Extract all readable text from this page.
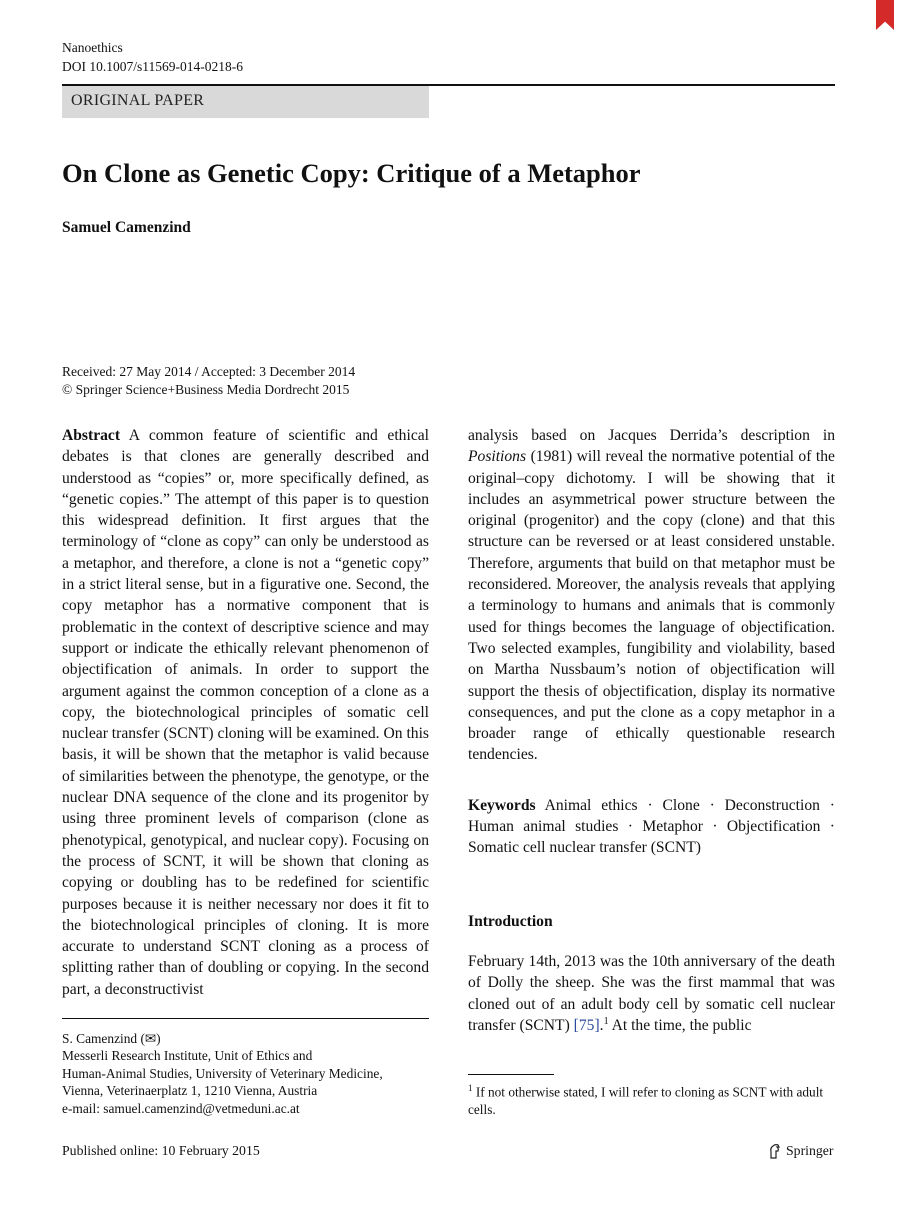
Nanoethics
DOI 10.1007/s11569-014-0218-6
ORIGINAL PAPER
On Clone as Genetic Copy: Critique of a Metaphor
Samuel Camenzind
Received: 27 May 2014 / Accepted: 3 December 2014
© Springer Science+Business Media Dordrecht 2015

Abstract A common feature of scientific and ethical debates is that clones are generally described and understood as “copies” or, more specifically defined, as “genetic copies.” The attempt of this paper is to question this widespread definition. It first argues that the terminology of “clone as copy” can only be understood as a metaphor, and therefore, a clone is not a “genetic copy” in a strict literal sense, but in a figurative one. Second, the copy metaphor has a normative component that is problematic in the context of descriptive science and may support or indicate the ethically relevant phenomenon of objectification of animals. In order to support the argument against the common conception of a clone as a copy, the biotechnological principles of somatic cell nuclear transfer (SCNT) cloning will be examined. On this basis, it will be shown that the metaphor is valid because of similarities between the phenotype, the genotype, or the nuclear DNA sequence of the clone and its progenitor by using three prominent levels of comparison (clone as phenotypical, genotypical, and nuclear copy). Focusing on the process of SCNT, it will be shown that cloning as copying or doubling has to be redefined for scientific purposes because it is neither necessary nor does it fit to the biotechnological principles of cloning. It is more accurate to understand SCNT cloning as a process of splitting rather than of doubling or copying. In the second part, a deconstructivist

S. Camenzind (✉)
Messerli Research Institute, Unit of Ethics and
Human-Animal Studies, University of Veterinary Medicine,
Vienna, Veterinaerplatz 1, 1210 Vienna, Austria
e-mail: samuel.camenzind@vetmeduni.ac.at

analysis based on Jacques Derrida’s description in Positions (1981) will reveal the normative potential of the original–copy dichotomy. I will be showing that it includes an asymmetrical power structure between the original (progenitor) and the copy (clone) and that this structure can be reversed or at least considered unstable. Therefore, arguments that build on that metaphor must be reconsidered. Moreover, the analysis reveals that applying a terminology to humans and animals that is commonly used for things becomes the language of objectification. Two selected examples, fungibility and violability, based on Martha Nussbaum’s notion of objectification will support the thesis of objectification, display its normative consequences, and put the clone as a copy metaphor in a broader range of ethically questionable research tendencies.

Keywords Animal ethics · Clone · Deconstruction · Human animal studies · Metaphor · Objectification · Somatic cell nuclear transfer (SCNT)

Introduction

February 14th, 2013 was the 10th anniversary of the death of Dolly the sheep. She was the first mammal that was cloned out of an adult body cell by somatic cell nuclear transfer (SCNT) [75].$^1$ At the time, the public

$^1$ If not otherwise stated, I will refer to cloning as SCNT with adult cells.
Published online: 10 February 2015	Springer
